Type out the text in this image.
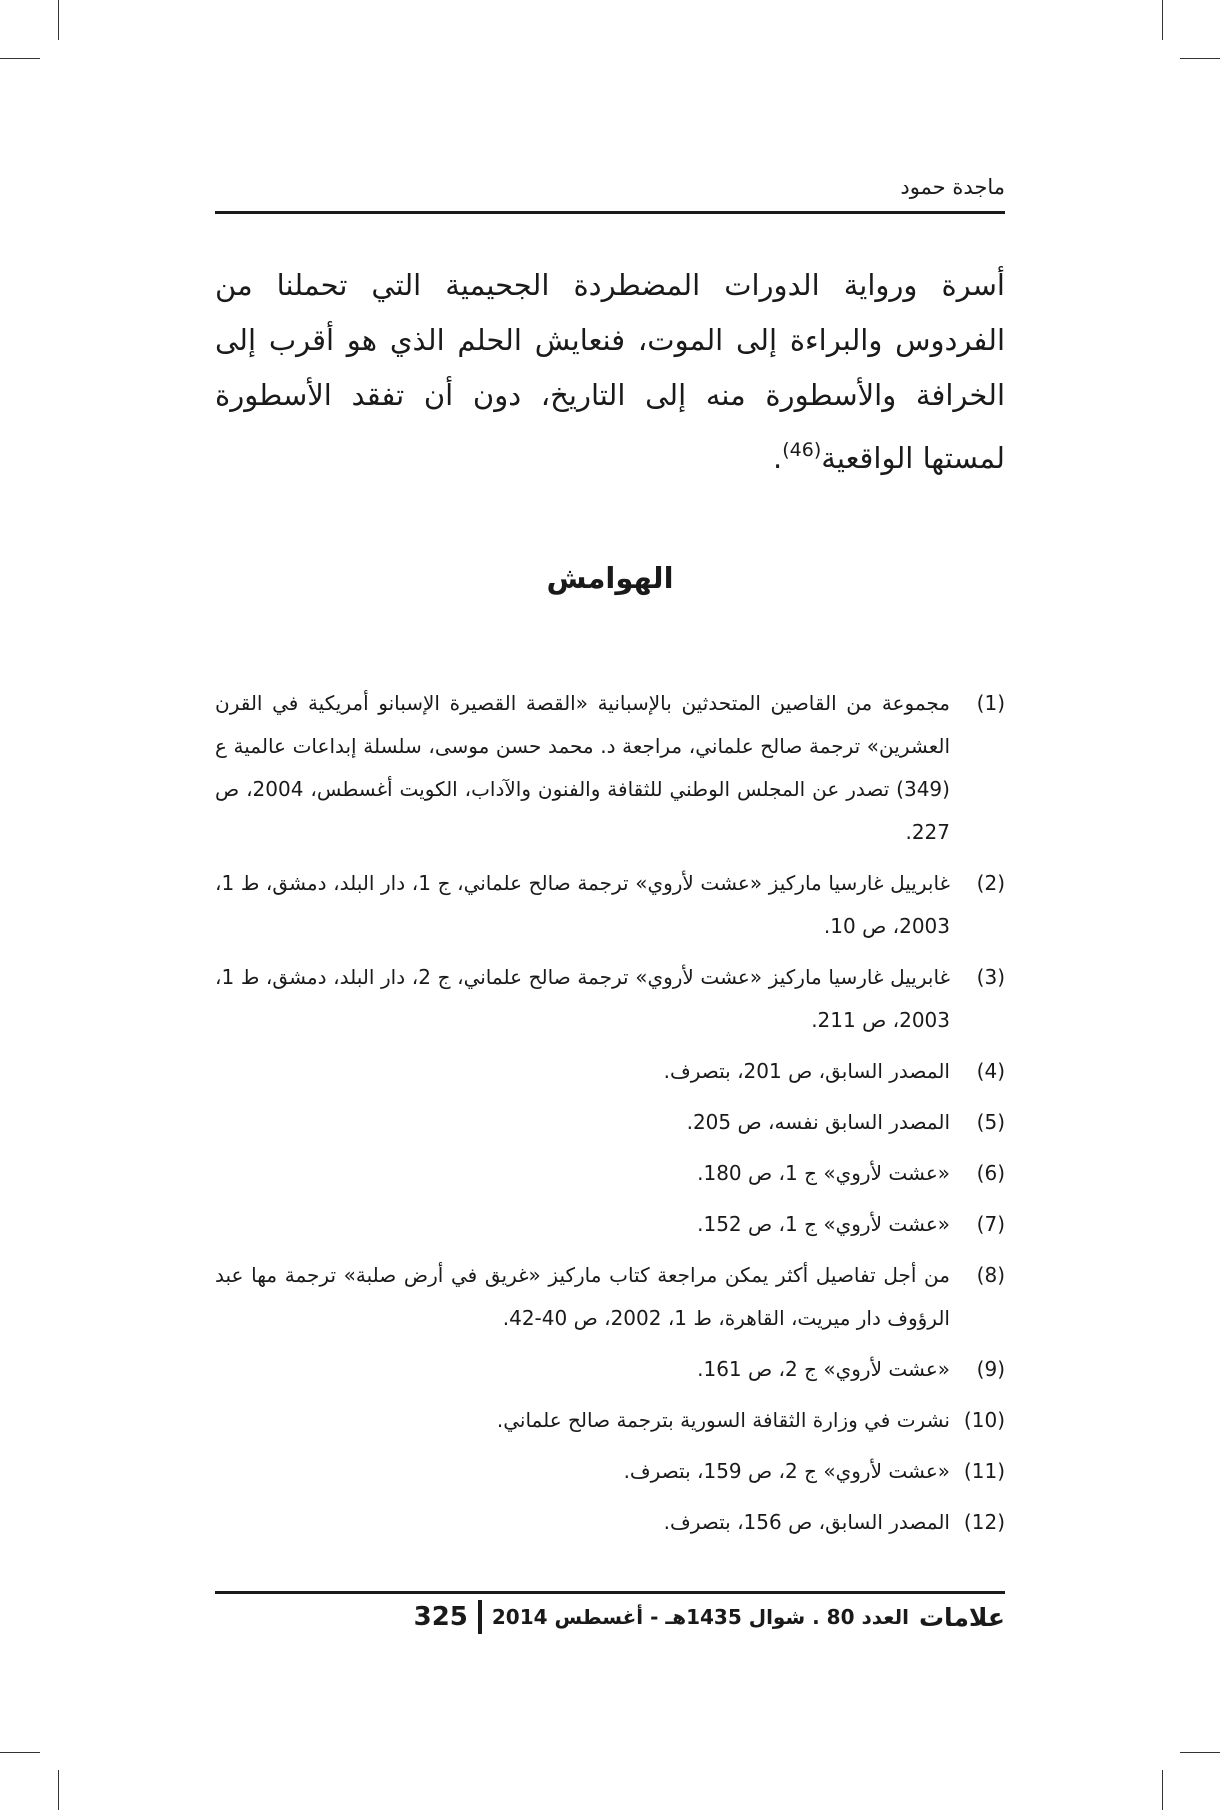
ماجدة حمود
أسرة ورواية الدورات المضطردة الجحيمية التي تحملنا من الفردوس والبراءة إلى الموت، فنعايش الحلم الذي هو أقرب إلى الخرافة والأسطورة منه إلى التاريخ، دون أن تفقد الأسطورة لمستها الواقعية$^{(46)}$.
الهوامش
(1)
مجموعة من القاصين المتحدثين بالإسبانية «القصة القصيرة الإسبانو أمريكية في القرن العشرين» ترجمة صالح علماني، مراجعة د. محمد حسن موسى، سلسلة إبداعات عالمية ع (349) تصدر عن المجلس الوطني للثقافة والفنون والآداب، الكويت أغسطس، 2004، ص 227.
(2)
غابرييل غارسيا ماركيز «عشت لأروي» ترجمة صالح علماني، ج 1، دار البلد، دمشق، ط 1، 2003، ص 10.
(3)
غابرييل غارسيا ماركيز «عشت لأروي» ترجمة صالح علماني، ج 2، دار البلد، دمشق، ط 1، 2003، ص 211.
(4)
المصدر السابق، ص 201، بتصرف.
(5)
المصدر السابق نفسه، ص 205.
(6)
«عشت لأروي» ج 1، ص 180.
(7)
«عشت لأروي» ج 1، ص 152.
(8)
من أجل تفاصيل أكثر يمكن مراجعة كتاب ماركيز «غريق في أرض صلبة» ترجمة مها عبد الرؤوف دار ميريت، القاهرة، ط 1، 2002، ص 40-42.
(9)
«عشت لأروي» ج 2، ص 161.
(10)
نشرت في وزارة الثقافة السورية بترجمة صالح علماني.
(11)
«عشت لأروي» ج 2، ص 159، بتصرف.
(12)
المصدر السابق، ص 156، بتصرف.
علامات
العدد 80 . شوال 1435هـ - أغسطس 2014
325
